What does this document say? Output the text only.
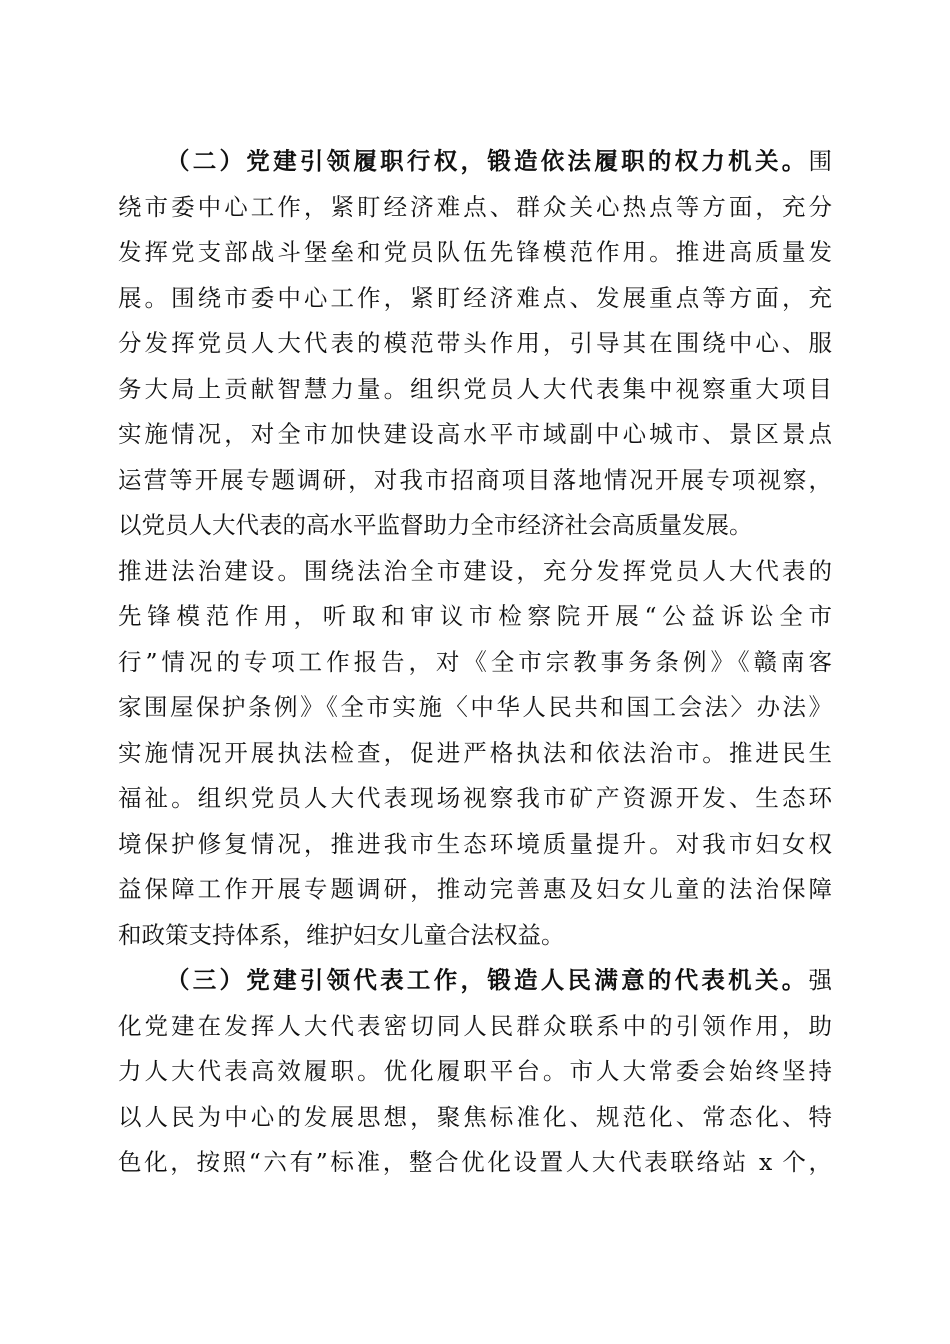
（二）党建引领履职行权，锻造依法履职的权力机关。围
绕市委中心工作，紧盯经济难点、群众关心热点等方面，充分
发挥党支部战斗堡垒和党员队伍先锋模范作用。推进高质量发
展。围绕市委中心工作，紧盯经济难点、发展重点等方面，充
分发挥党员人大代表的模范带头作用，引导其在围绕中心、服
务大局上贡献智慧力量。组织党员人大代表集中视察重大项目
实施情况，对全市加快建设高水平市域副中心城市、景区景点
运营等开展专题调研，对我市招商项目落地情况开展专项视察，
以党员人大代表的高水平监督助力全市经济社会高质量发展。
推进法治建设。围绕法治全市建设，充分发挥党员人大代表的
先锋模范作用，听取和审议市检察院开展“公益诉讼全市
行”情况的专项工作报告，对《全市宗教事务条例》《赣南客
家围屋保护条例》《全市实施〈中华人民共和国工会法〉办法》
实施情况开展执法检查，促进严格执法和依法治市。推进民生
福祉。组织党员人大代表现场视察我市矿产资源开发、生态环
境保护修复情况，推进我市生态环境质量提升。对我市妇女权
益保障工作开展专题调研，推动完善惠及妇女儿童的法治保障
和政策支持体系，维护妇女儿童合法权益。
（三）党建引领代表工作，锻造人民满意的代表机关。强
化党建在发挥人大代表密切同人民群众联系中的引领作用，助
力人大代表高效履职。优化履职平台。市人大常委会始终坚持
以人民为中心的发展思想，聚焦标准化、规范化、常态化、特
色化，按照“六有”标准，整合优化设置人大代表联络站 x 个，
